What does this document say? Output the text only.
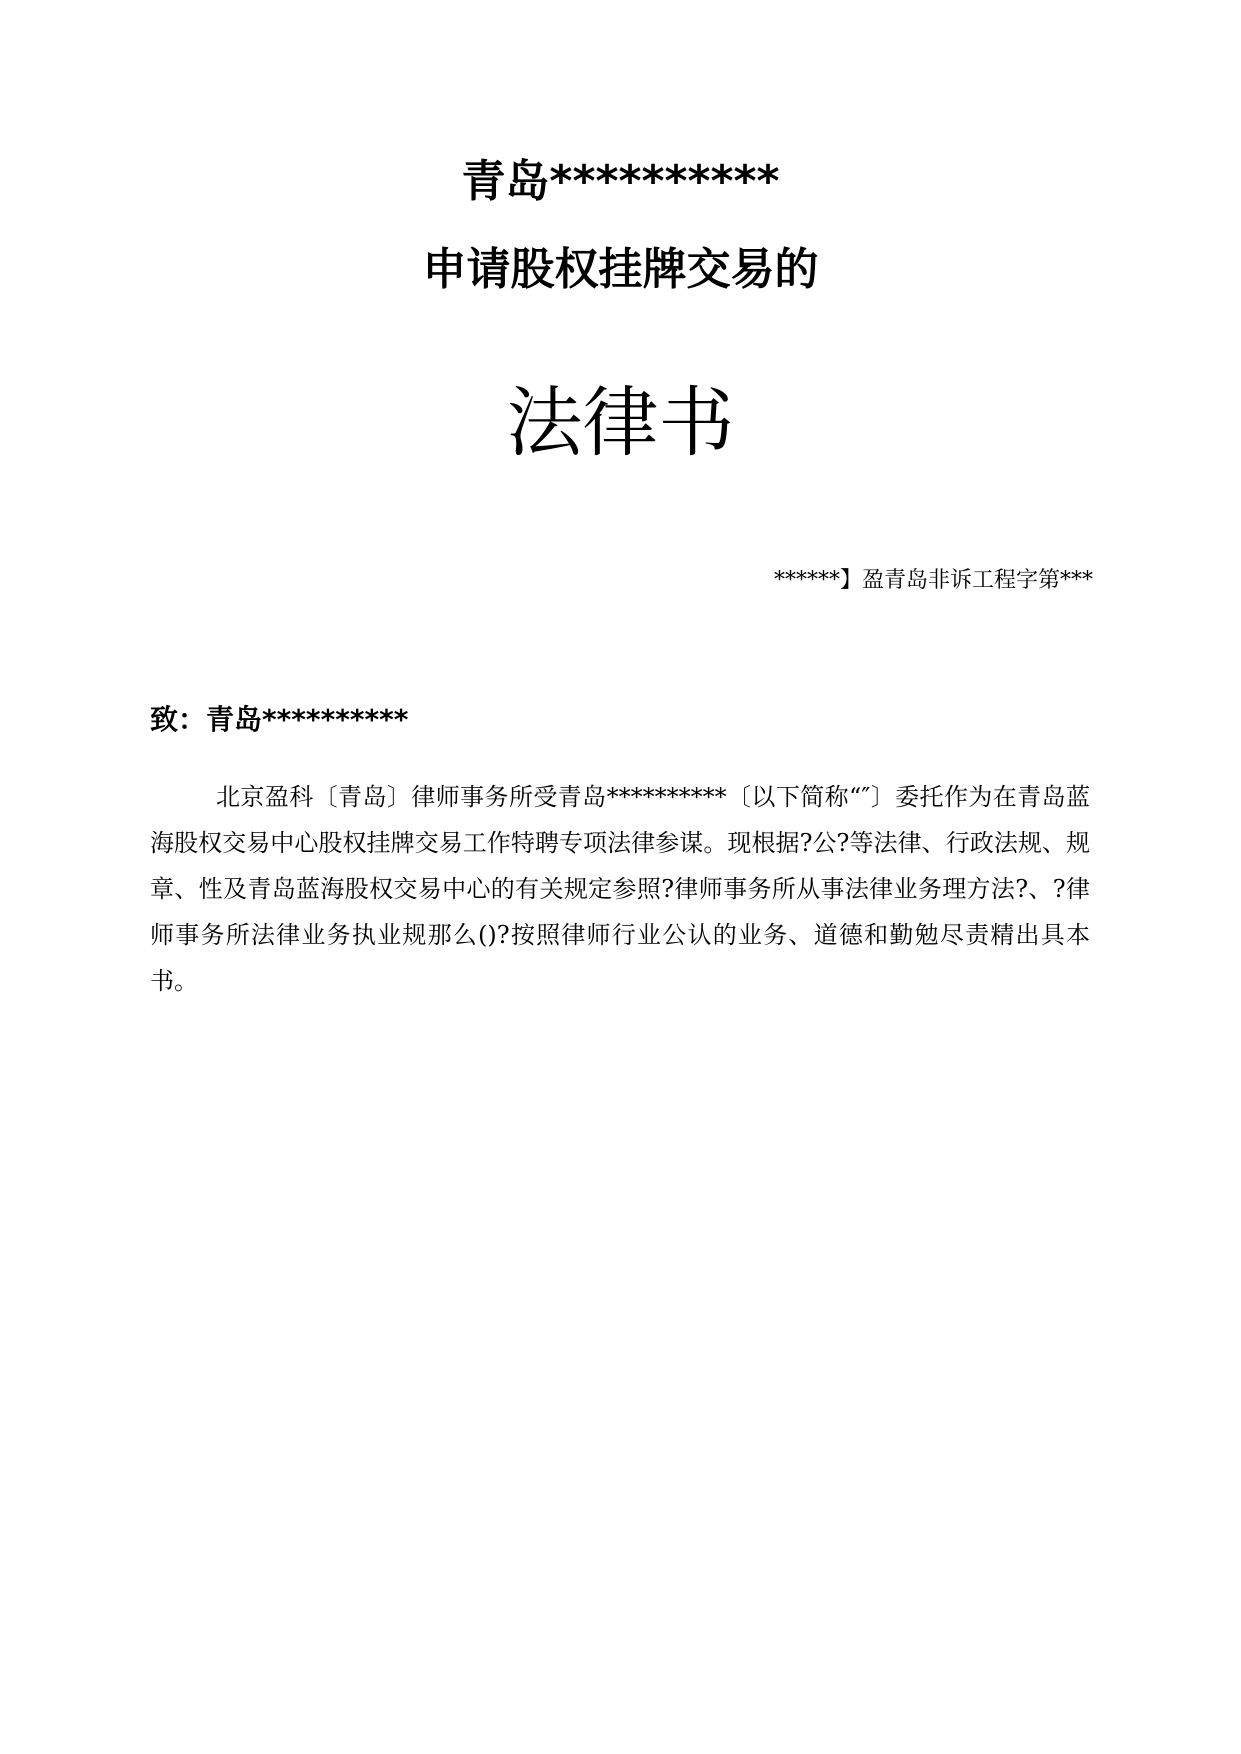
青岛**********
申请股权挂牌交易的
法律书
******】盈青岛非诉工程字第***
致：青岛**********

北京盈科〔青岛〕律师事务所受青岛**********〔以下简称“″〕委托作为在青岛蓝海股权交易中心股权挂牌交易工作特聘专项法律参谋。现根据?公?等法律、行政法规、规章、性及青岛蓝海股权交易中心的有关规定参照?律师事务所从事法律业务理方法?、?律师事务所法律业务执业规那么()?按照律师行业公认的业务、道德和勤勉尽责精出具本书。
